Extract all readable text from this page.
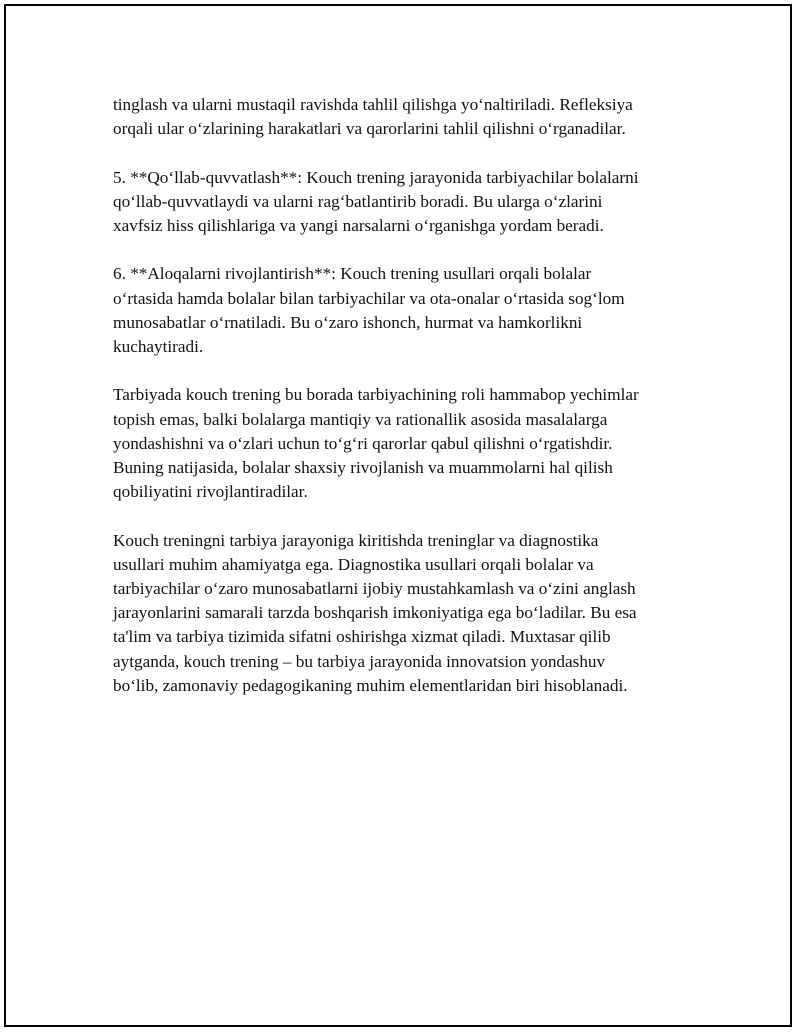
tinglash va ularni mustaqil ravishda tahlil qilishga yoʻnaltiriladi. Refleksiya
orqali ular oʻzlarining harakatlari va qarorlarini tahlil qilishni oʻrganadilar.

5. **Qoʻllab-quvvatlash**: Kouch trening jarayonida tarbiyachilar bolalarni
qoʻllab-quvvatlaydi va ularni ragʻbatlantirib boradi. Bu ularga oʻzlarini
xavfsiz hiss qilishlariga va yangi narsalarni oʻrganishga yordam beradi.

6. **Aloqalarni rivojlantirish**: Kouch trening usullari orqali bolalar
oʻrtasida hamda bolalar bilan tarbiyachilar va ota-onalar oʻrtasida sogʻlom
munosabatlar oʻrnatiladi. Bu oʻzaro ishonch, hurmat va hamkorlikni
kuchaytiradi.

Tarbiyada kouch trening bu borada tarbiyachining roli hammabop yechimlar
topish emas, balki bolalarga mantiqiy va rationallik asosida masalalarga
yondashishni va oʻzlari uchun toʻgʻri qarorlar qabul qilishni oʻrgatishdir.
Buning natijasida, bolalar shaxsiy rivojlanish va muammolarni hal qilish
qobiliyatini rivojlantiradilar.

Kouch treningni tarbiya jarayoniga kiritishda treninglar va diagnostika
usullari muhim ahamiyatga ega. Diagnostika usullari orqali bolalar va
tarbiyachilar oʻzaro munosabatlarni ijobiy mustahkamlash va oʻzini anglash
jarayonlarini samarali tarzda boshqarish imkoniyatiga ega boʻladilar. Bu esa
ta'lim va tarbiya tizimida sifatni oshirishga xizmat qiladi. Muxtasar qilib
aytganda, kouch trening – bu tarbiya jarayonida innovatsion yondashuv
boʻlib, zamonaviy pedagogikaning muhim elementlaridan biri hisoblanadi.
